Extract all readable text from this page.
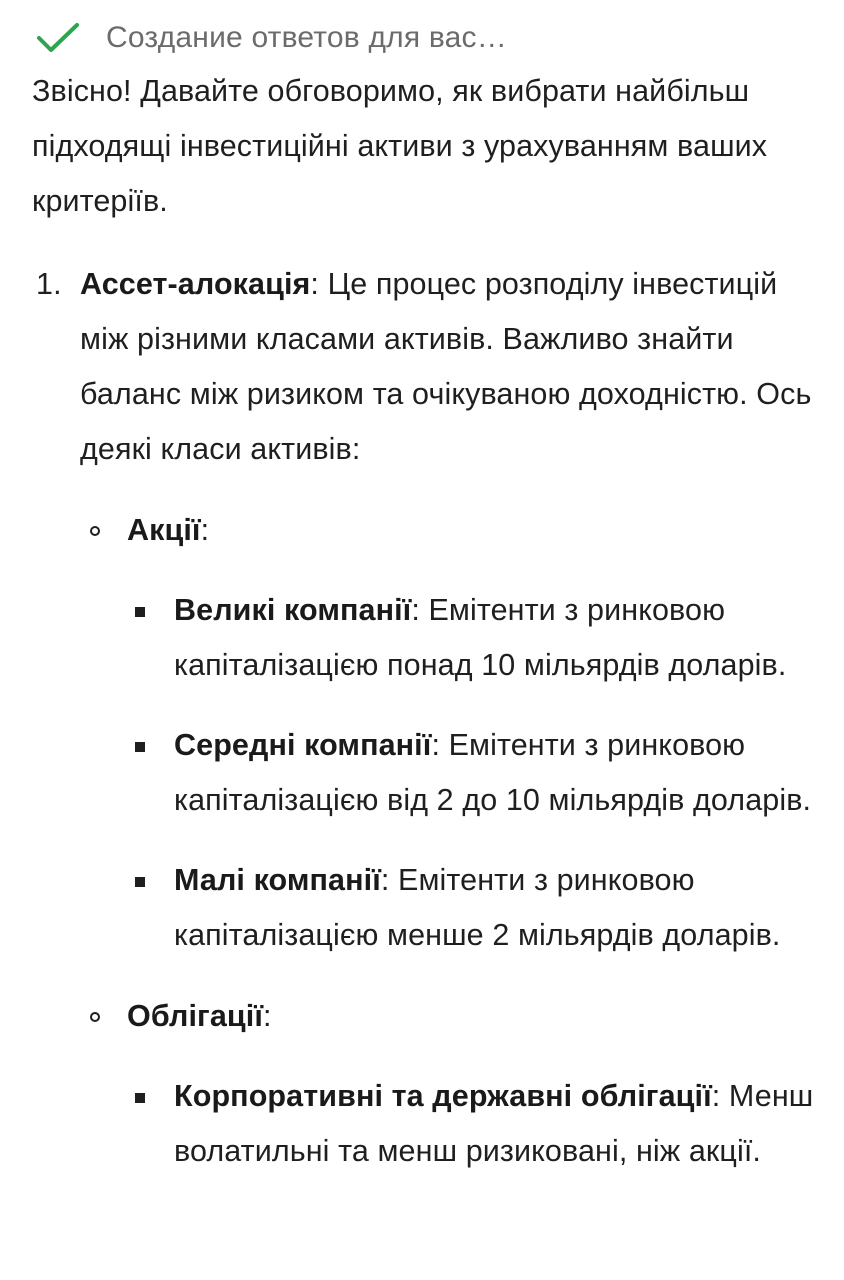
Создание ответов для вас…

Звісно! Давайте обговоримо, як вибрати найбільш підходящі інвестиційні активи з урахуванням ваших критеріїв.

1. Ассет-алокація: Це процес розподілу інвестицій між різними класами активів. Важливо знайти баланс між ризиком та очікуваною доходністю. Ось деякі класи активів:
Акції:
Великі компанії: Емітенти з ринковою капіталізацією понад 10 мільярдів доларів.
Середні компанії: Емітенти з ринковою капіталізацією від 2 до 10 мільярдів доларів.
Малі компанії: Емітенти з ринковою капіталізацією менше 2 мільярдів доларів.
Облігації:
Корпоративні та державні облігації: Менш волатильні та менш ризиковані, ніж акції.
